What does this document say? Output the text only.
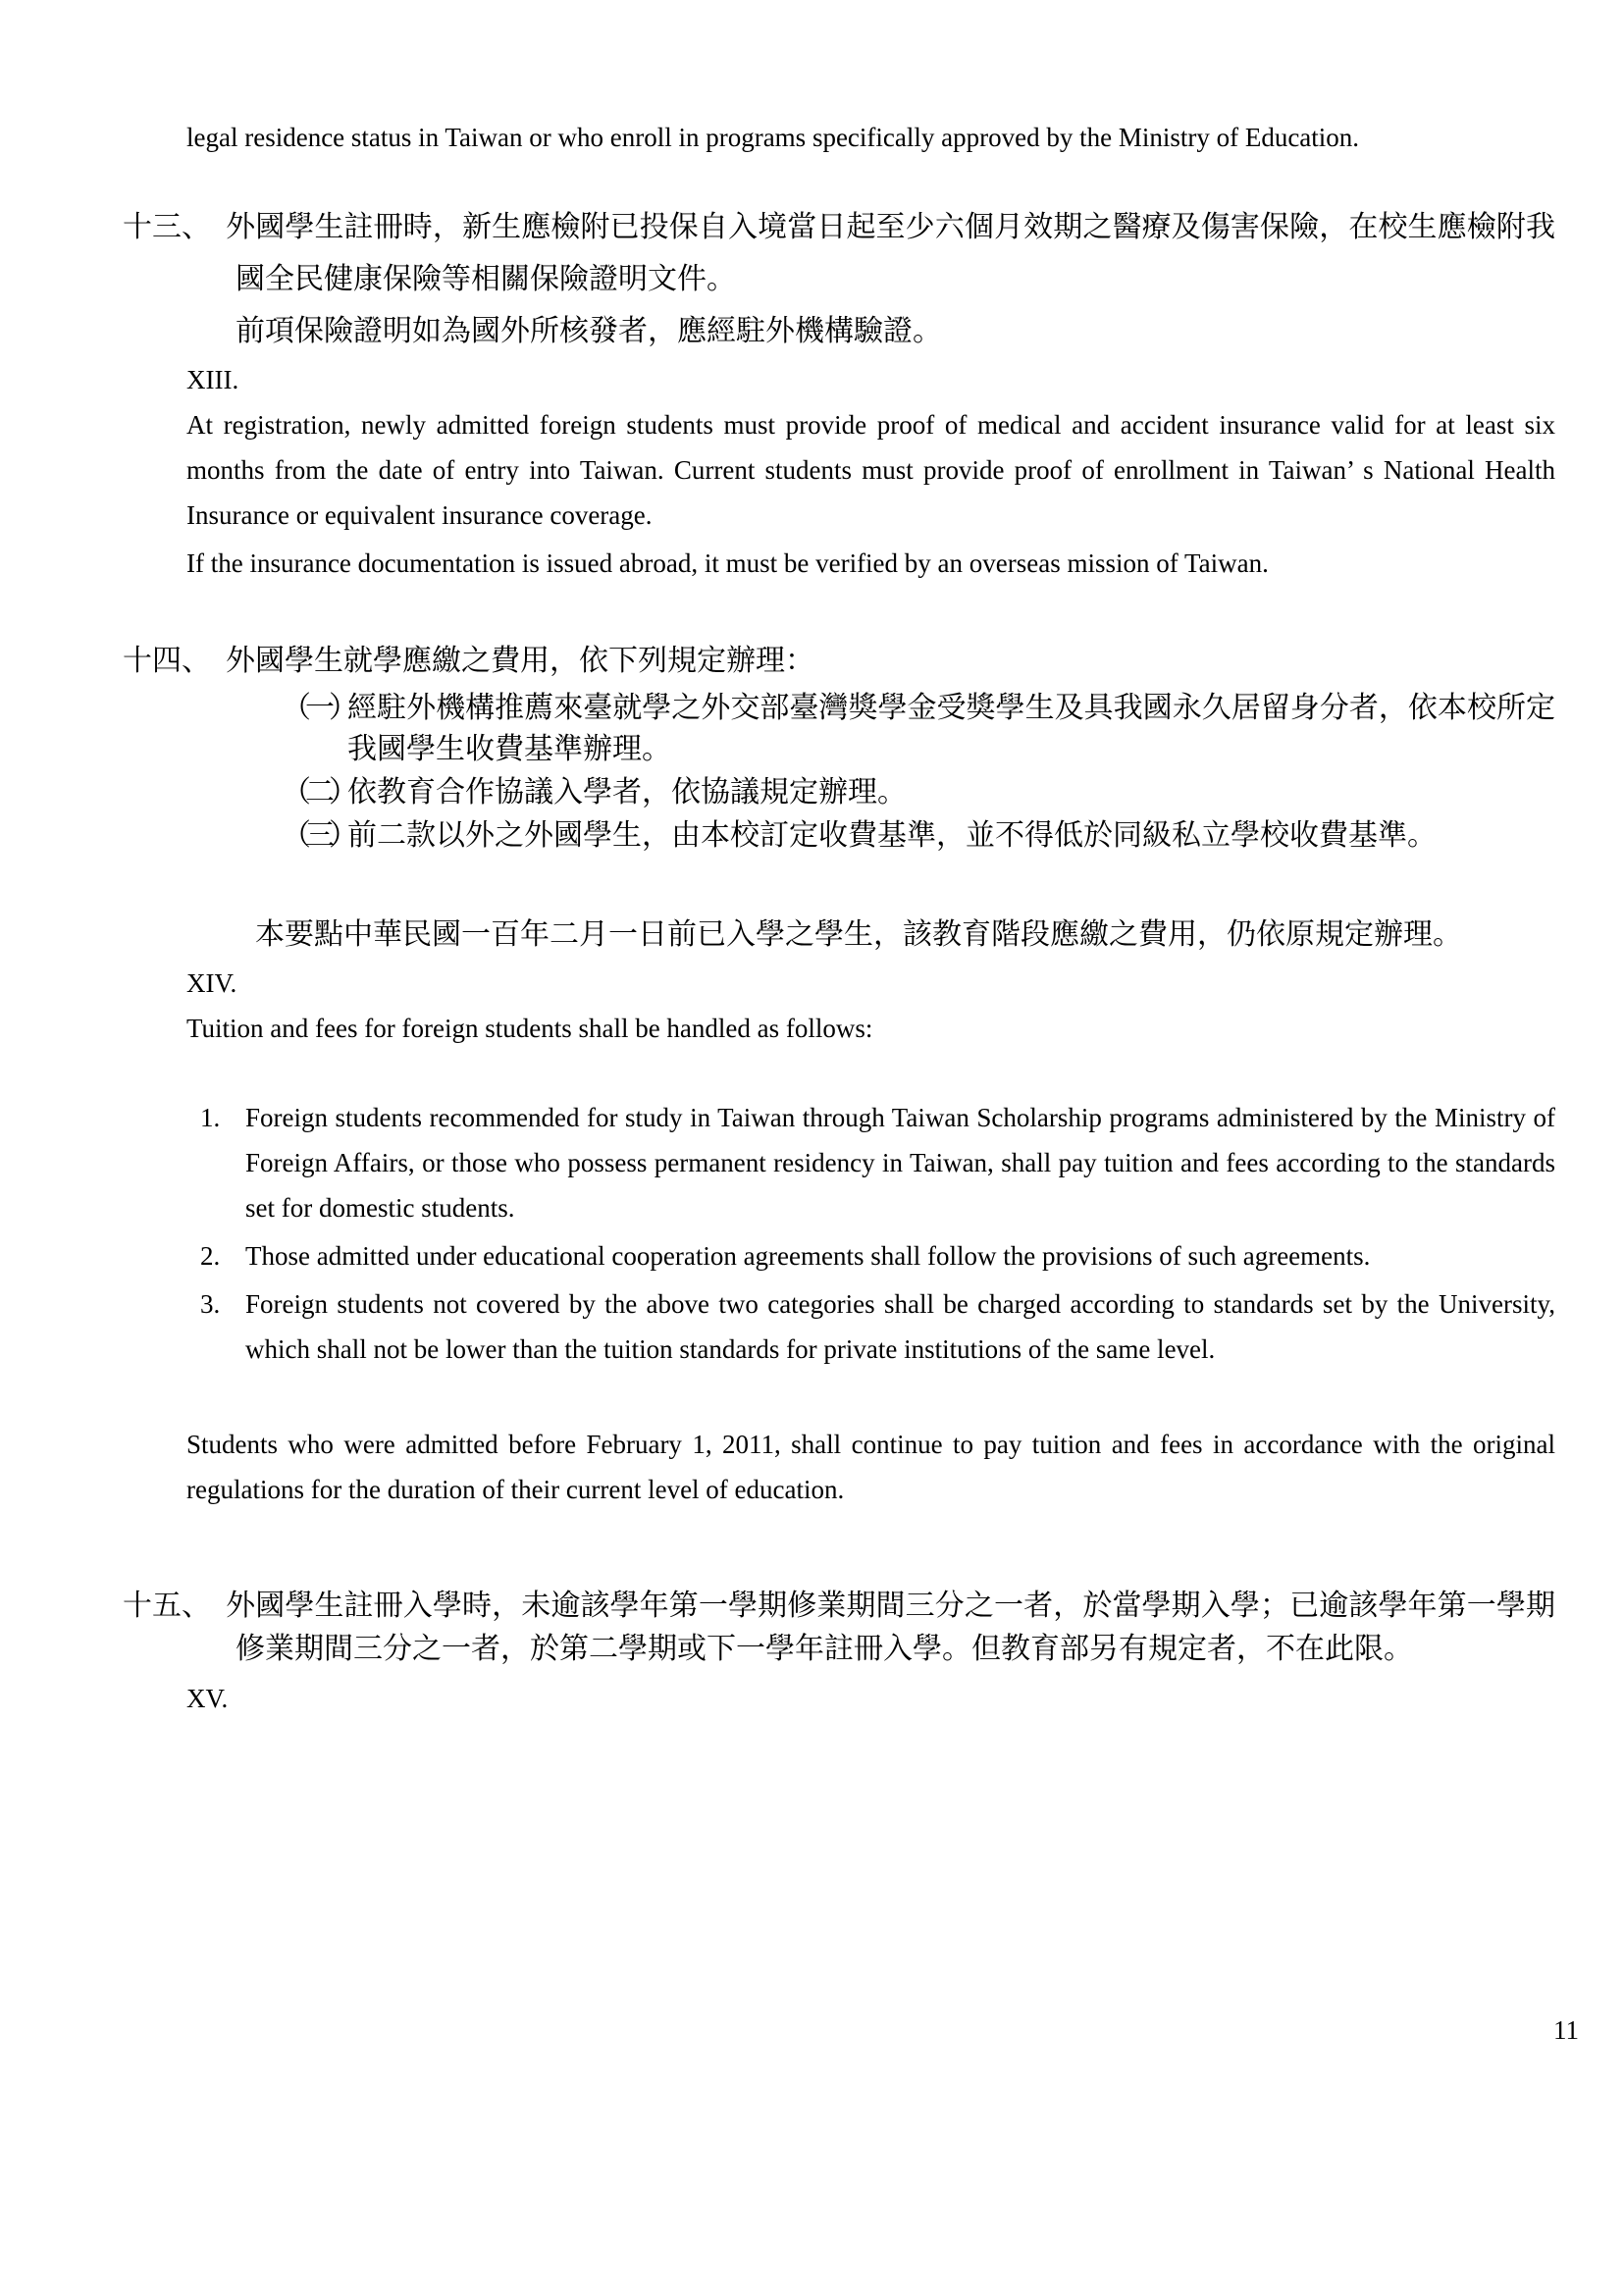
legal residence status in Taiwan or who enroll in programs specifically approved by the Ministry of Education.

十三、 外國學生註冊時，新生應檢附已投保自入境當日起至少六個月效期之醫療及傷害保險，在校生應檢附我國全民健康保險等相關保險證明文件。

前項保險證明如為國外所核發者，應經駐外機構驗證。

XIII.

At registration, newly admitted foreign students must provide proof of medical and accident insurance valid for at least six months from the date of entry into Taiwan. Current students must provide proof of enrollment in Taiwan’ s National Health Insurance or equivalent insurance coverage.

If the insurance documentation is issued abroad, it must be verified by an overseas mission of Taiwan.

十四、 外國學生就學應繳之費用，依下列規定辦理：

（一）經駐外機構推薦來臺就學之外交部臺灣獎學金受獎學生及具我國永久居留身分者，依本校所定我國學生收費基準辦理。

（二）依教育合作協議入學者，依協議規定辦理。

（三）前二款以外之外國學生，由本校訂定收費基準，並不得低於同級私立學校收費基準。

本要點中華民國一百年二月一日前已入學之學生，該教育階段應繳之費用，仍依原規定辦理。

XIV.

Tuition and fees for foreign students shall be handled as follows:

1. Foreign students recommended for study in Taiwan through Taiwan Scholarship programs administered by the Ministry of Foreign Affairs, or those who possess permanent residency in Taiwan, shall pay tuition and fees according to the standards set for domestic students.

2. Those admitted under educational cooperation agreements shall follow the provisions of such agreements.

3. Foreign students not covered by the above two categories shall be charged according to standards set by the University, which shall not be lower than the tuition standards for private institutions of the same level.

Students who were admitted before February 1, 2011, shall continue to pay tuition and fees in accordance with the original regulations for the duration of their current level of education.

十五、 外國學生註冊入學時，未逾該學年第一學期修業期間三分之一者，於當學期入學；已逾該學年第一學期修業期間三分之一者，於第二學期或下一學年註冊入學。但教育部另有規定者，不在此限。

XV.

11
